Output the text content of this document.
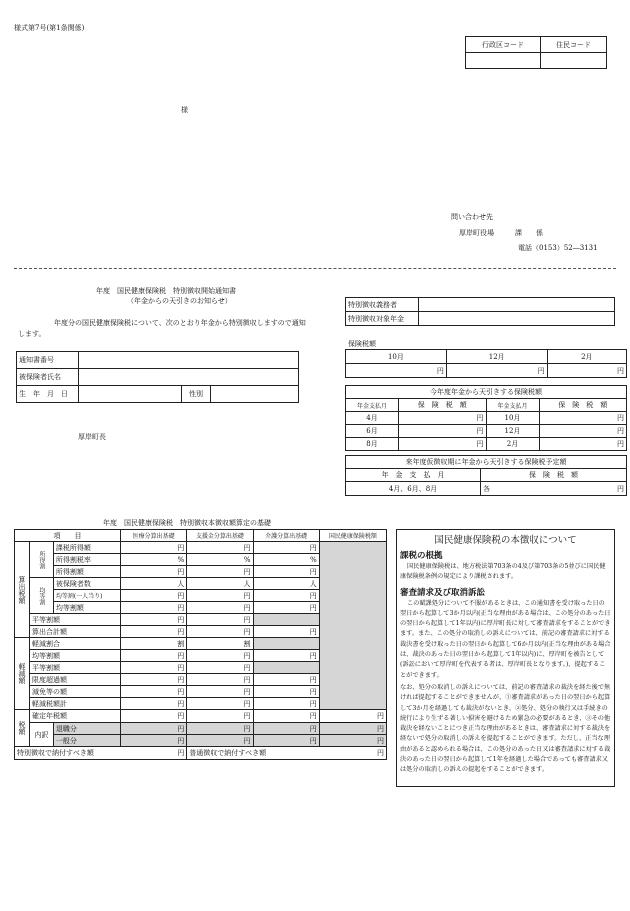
様式第7号(第1条関係)
行政区コード	住民コード

様
問い合わせ先
厚岸町役場　　　課　　係
電話（0153）52―3131
年度　国民健康保険税　特別徴収開始通知書
（年金からの天引きのお知らせ）
年度分の国民健康保険税について、次のとおり年金から特別徴収しますので通知します。
通知書番号			
被保険者氏名			
生　年　月　日		性別	
厚岸町長
特別徴収義務者	
特別徴収対象年金	
保険税額
10月	12月	2月
円	円	円
今年度年金から天引きする保険税額			
年金支払月	保　険　税　額	年金支払月	保　険　税　額
4月	円	10月	円
6月	円	12月	円
8月	円	2月	円
来年度仮徴収期に年金から天引きする保険税予定額	
年　金　支　払　月	保　険　税　額
4月、6月、8月	各 円
年度　国民健康保険税　特別徴収本徴収額算定の基礎
項　　目			医療分算出基礎	支援金分算出基礎	介護分算出基礎	国民健康保険税額
算出税額	所得割	課税所得額	円	円	円	
		所得割税率	%	%	%	
		所得割額	円	円	円	
	均等割	被保険者数	人	人	人	
		均等割(一人当り)	円	円	円	
		均等割額	円	円	円	
	平等割額		円	円		
	算出合計額		円	円	円	
軽減額	軽減割合		割	割		
	均等割額		円	円	円	
	平等割額		円	円		
	限度超過額		円	円	円	
	減免等の額		円	円	円	
	軽減税額計		円	円	円	
税額	確定年税額		円	円	円	円
	内訳	退職分	円	円	円	円
		一般分	円	円	円	円
特別徴収で納付すべき額 円				普通徴収で納付すべき額 円		
国民健康保険税の本徴収について
課税の根拠

国民健康保険税は、地方税法第703条の4及び第703条の5並びに国民健康保険税条例の規定により課税されます。

審査請求及び取消訴訟

この賦課処分について不服があるときは、この通知書を受け取った日の翌日から起算して3か月以内(正当な理由がある場合は、この処分のあった日の翌日から起算して1年以内)に厚岸町長に対して審査請求をすることができます。また、この処分の取消しの訴えについては、前記の審査請求に対する裁決書を受け取った日の翌日から起算して6か月以内(正当な理由がある場合は、裁決のあった日の翌日から起算して1年以内)に、厚岸町を被告として(訴訟において厚岸町を代表する者は、厚岸町長となります。)、提起することができます。

なお、処分の取消しの訴えについては、前記の審査請求の裁決を経た後で無ければ提起することができませんが、①審査請求があった日の翌日から起算して3か月を経過しても裁決がないとき、②処分、処分の執行又は手続きの続行により生ずる著しい損害を避けるため緊急の必要があるとき、③その他裁決を経ないことにつき正当な理由があるときは、審査請求に対する裁決を経ないで処分の取消しの訴えを提起することができます。ただし、正当な理由があると認められる場合は、この処分のあった日又は審査請求に対する裁決のあった日の翌日から起算して1年を経過した場合であっても審査請求又は処分の取消しの訴えの提起をすることができます。
